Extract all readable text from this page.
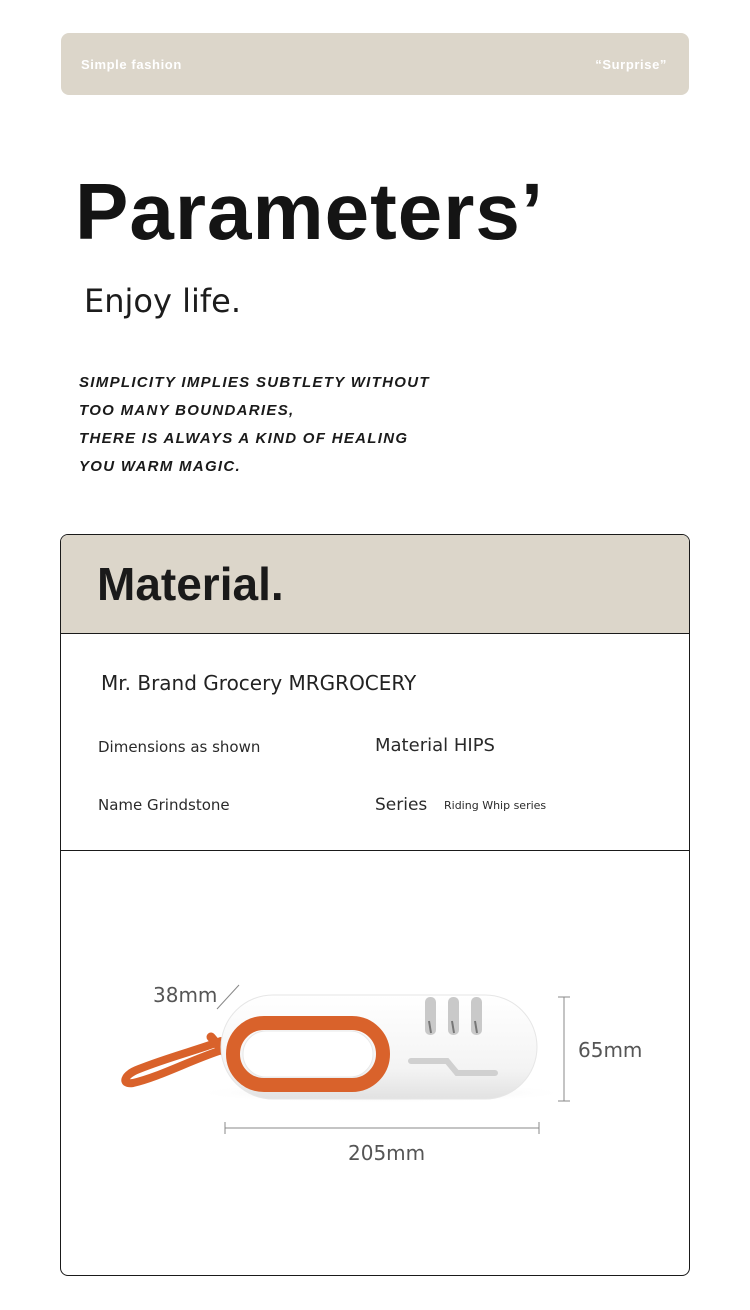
Simple fashion	“Surprise”
Parameters’
Enjoy life.
SIMPLICITY IMPLIES SUBTLETY WITHOUT
TOO MANY BOUNDARIES,
THERE IS ALWAYS A KIND OF HEALING
YOU WARM MAGIC.
Material.
Mr. Brand Grocery MRGROCERY
Dimensions as shown	Material HIPS
Name Grindstone	Series Riding Whip series
38mm
65mm
205mm
